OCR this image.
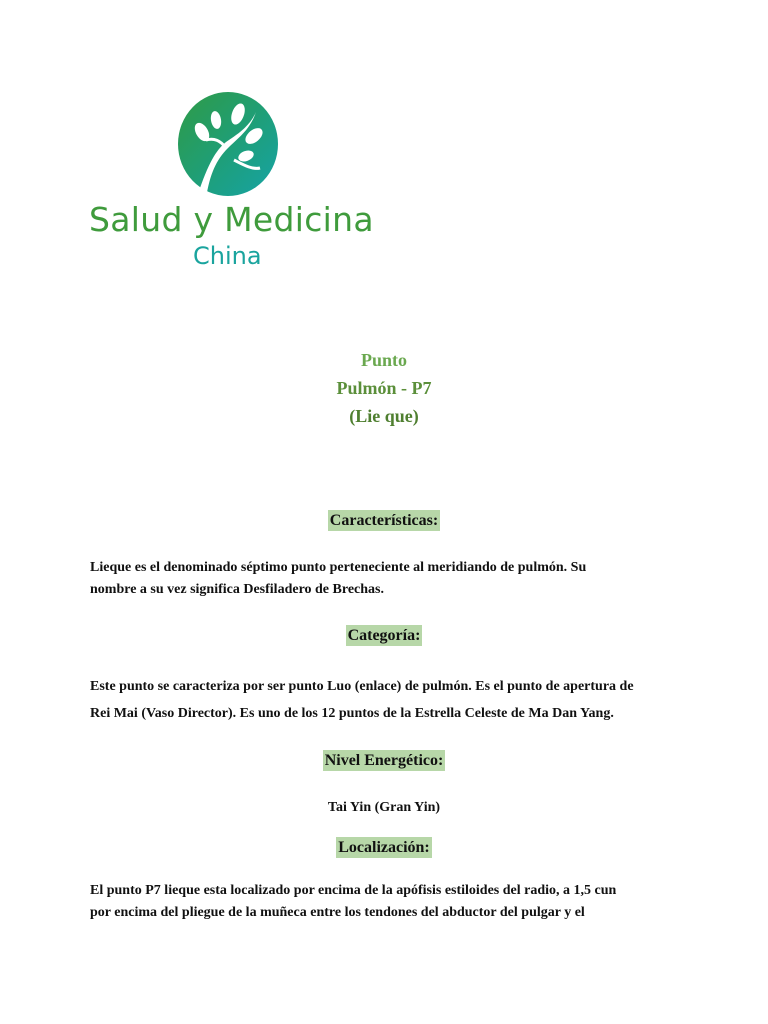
Salud y Medicina
China
Punto
Pulmón - P7
(Lie que)
Características:
Lieque es el denominado séptimo punto perteneciente al meridiando de pulmón. Su
nombre a su vez significa Desfiladero de Brechas.
Categoría:
Este punto se caracteriza por ser punto Luo (enlace) de pulmón. Es el punto de apertura de
Rei Mai (Vaso Director). Es uno de los 12 puntos de la Estrella Celeste de Ma Dan Yang.
Nivel Energético:
Tai Yin (Gran Yin)
Localización:
El punto P7 lieque esta localizado por encima de la apófisis estiloides del radio, a 1,5 cun
por encima del pliegue de la muñeca entre los tendones del abductor del pulgar y el
